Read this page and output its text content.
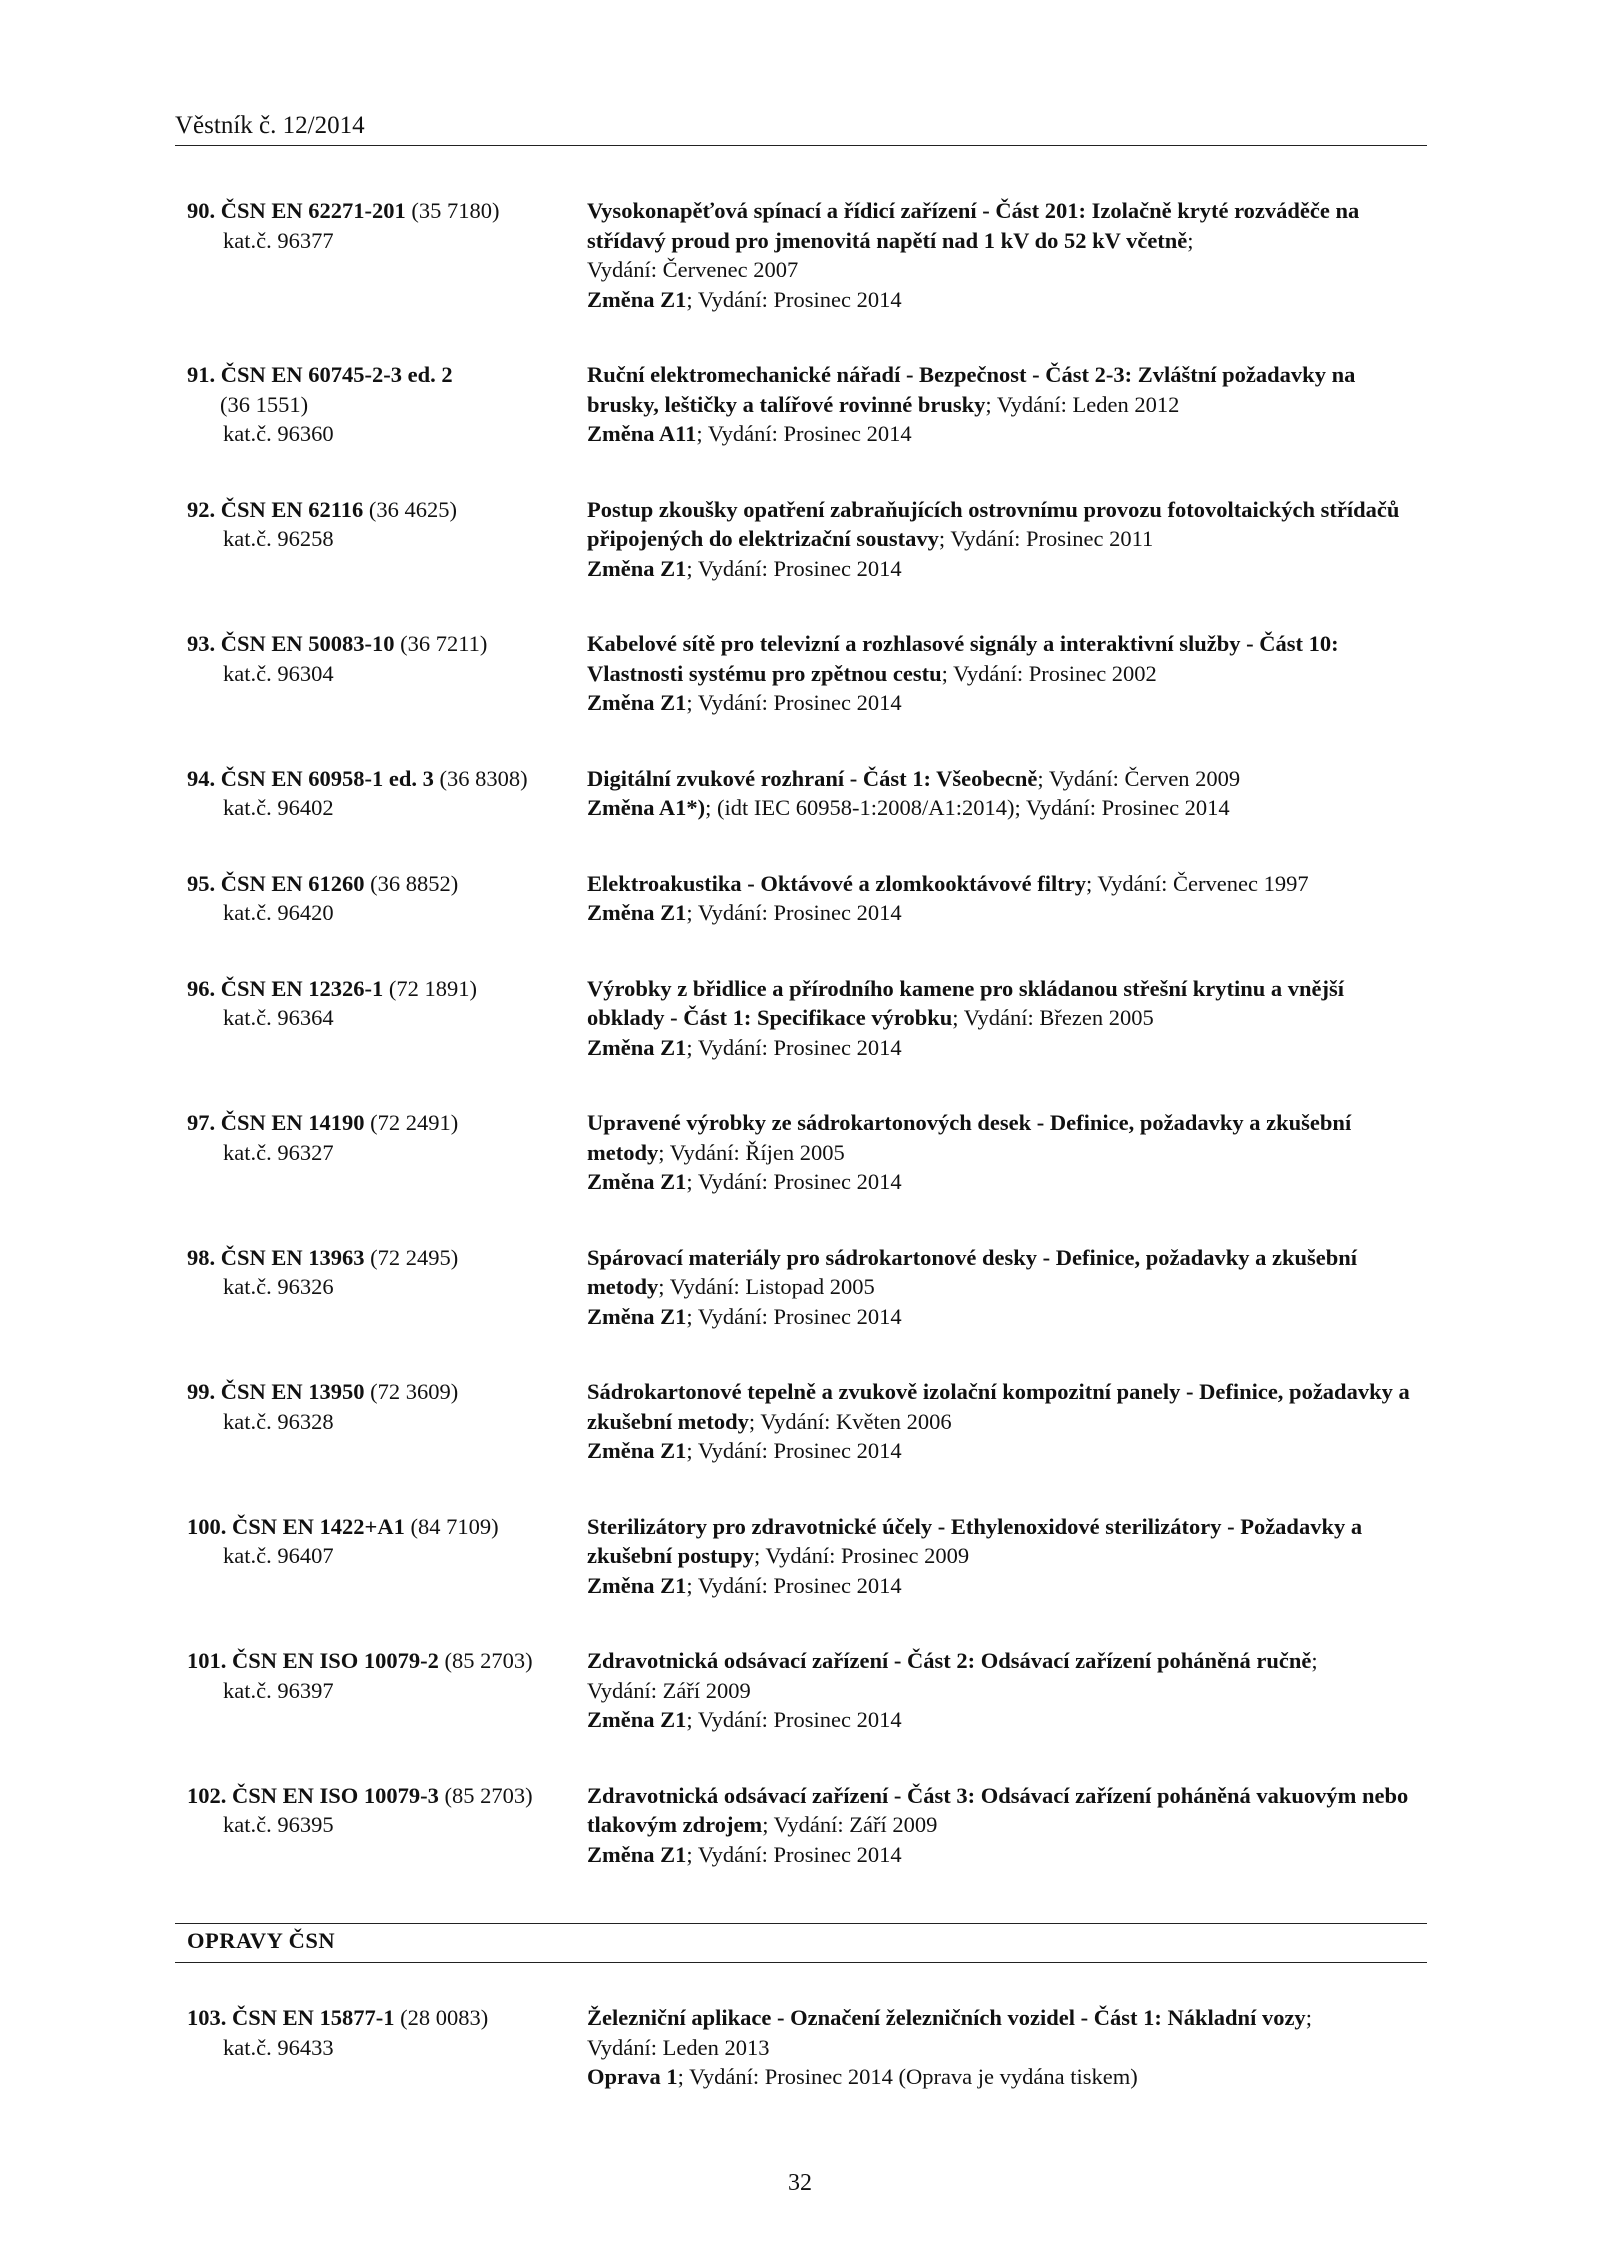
Věstník č. 12/2014
90. ČSN EN 62271-201 (35 7180)
kat.č. 96377
Vysokonapěťová spínací a řídicí zařízení - Část 201: Izolačně kryté rozváděče na střídavý proud pro jmenovitá napětí nad 1 kV do 52 kV včetně;
Vydání: Červenec 2007
Změna Z1; Vydání: Prosinec 2014
91. ČSN EN 60745-2-3 ed. 2
(36 1551)
kat.č. 96360
Ruční elektromechanické nářadí - Bezpečnost - Část 2-3: Zvláštní požadavky na brusky, leštičky a talířové rovinné brusky; Vydání: Leden 2012
Změna A11; Vydání: Prosinec 2014
92. ČSN EN 62116 (36 4625)
kat.č. 96258
Postup zkoušky opatření zabraňujících ostrovnímu provozu fotovoltaických střídačů připojených do elektrizační soustavy; Vydání: Prosinec 2011
Změna Z1; Vydání: Prosinec 2014
93. ČSN EN 50083-10 (36 7211)
kat.č. 96304
Kabelové sítě pro televizní a rozhlasové signály a interaktivní služby - Část 10: Vlastnosti systému pro zpětnou cestu; Vydání: Prosinec 2002
Změna Z1; Vydání: Prosinec 2014
94. ČSN EN 60958-1 ed. 3 (36 8308)
kat.č. 96402
Digitální zvukové rozhraní - Část 1: Všeobecně; Vydání: Červen 2009
Změna A1*); (idt IEC 60958-1:2008/A1:2014); Vydání: Prosinec 2014
95. ČSN EN 61260 (36 8852)
kat.č. 96420
Elektroakustika - Oktávové a zlomkooktávové filtry; Vydání: Červenec 1997
Změna Z1; Vydání: Prosinec 2014
96. ČSN EN 12326-1 (72 1891)
kat.č. 96364
Výrobky z břidlice a přírodního kamene pro skládanou střešní krytinu a vnější obklady - Část 1: Specifikace výrobku; Vydání: Březen 2005
Změna Z1; Vydání: Prosinec 2014
97. ČSN EN 14190 (72 2491)
kat.č. 96327
Upravené výrobky ze sádrokartonových desek - Definice, požadavky a zkušební metody; Vydání: Říjen 2005
Změna Z1; Vydání: Prosinec 2014
98. ČSN EN 13963 (72 2495)
kat.č. 96326
Spárovací materiály pro sádrokartonové desky - Definice, požadavky a zkušební metody; Vydání: Listopad 2005
Změna Z1; Vydání: Prosinec 2014
99. ČSN EN 13950 (72 3609)
kat.č. 96328
Sádrokartonové tepelně a zvukově izolační kompozitní panely - Definice, požadavky a zkušební metody; Vydání: Květen 2006
Změna Z1; Vydání: Prosinec 2014
100. ČSN EN 1422+A1 (84 7109)
kat.č. 96407
Sterilizátory pro zdravotnické účely - Ethylenoxidové sterilizátory - Požadavky a zkušební postupy; Vydání: Prosinec 2009
Změna Z1; Vydání: Prosinec 2014
101. ČSN EN ISO 10079-2 (85 2703)
kat.č. 96397
Zdravotnická odsávací zařízení - Část 2: Odsávací zařízení poháněná ručně;
Vydání: Září 2009
Změna Z1; Vydání: Prosinec 2014
102. ČSN EN ISO 10079-3 (85 2703)
kat.č. 96395
Zdravotnická odsávací zařízení - Část 3: Odsávací zařízení poháněná vakuovým nebo tlakovým zdrojem; Vydání: Září 2009
Změna Z1; Vydání: Prosinec 2014
OPRAVY ČSN
103. ČSN EN 15877-1 (28 0083)
kat.č. 96433
Železniční aplikace - Označení železničních vozidel - Část 1: Nákladní vozy;
Vydání: Leden 2013
Oprava 1; Vydání: Prosinec 2014 (Oprava je vydána tiskem)
32
